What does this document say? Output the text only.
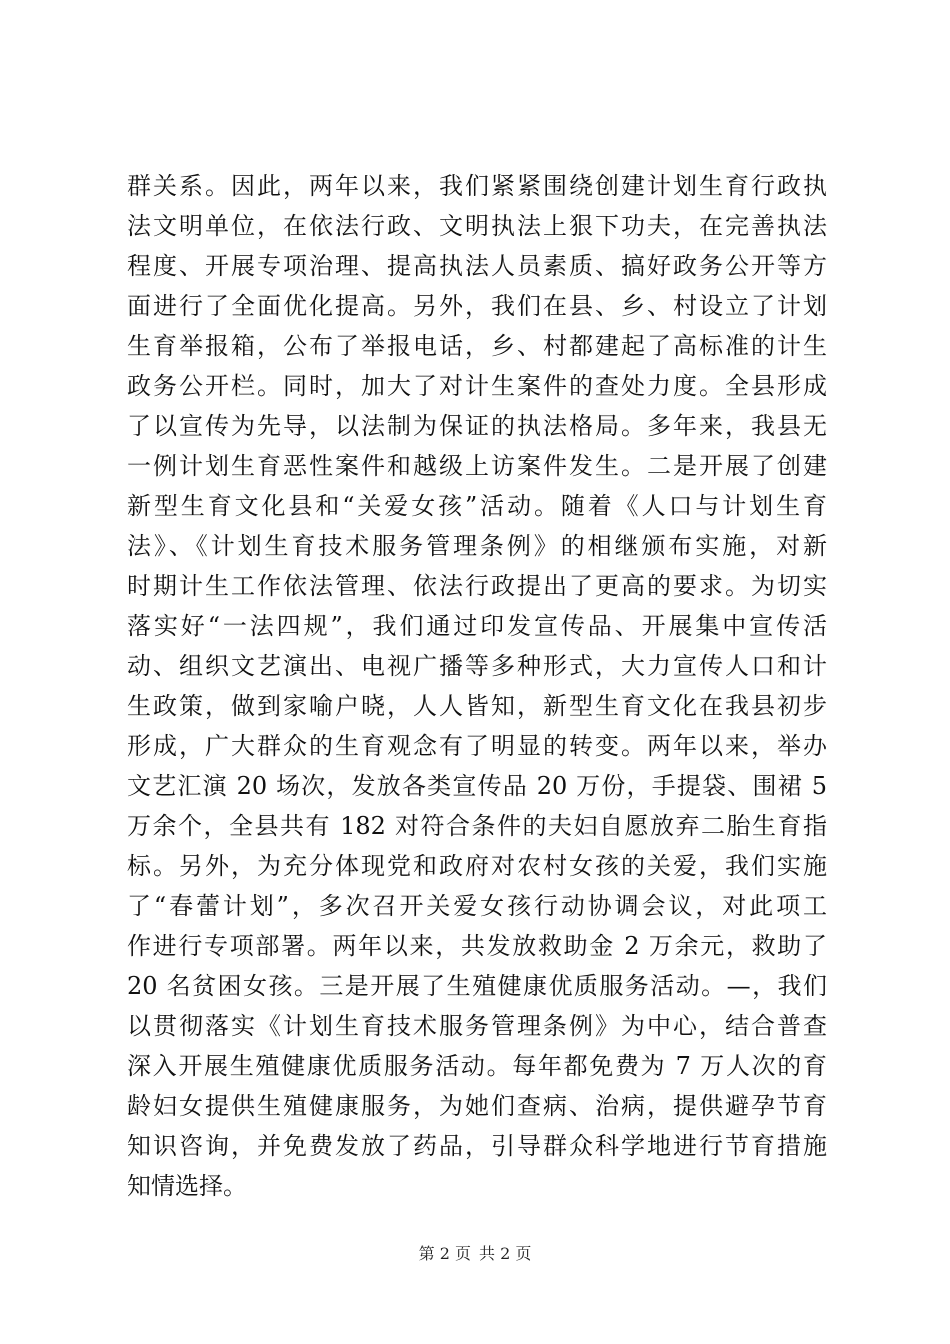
群关系。因此，两年以来，我们紧紧围绕创建计划生育行政执
法文明单位，在依法行政、文明执法上狠下功夫，在完善执法
程度、开展专项治理、提高执法人员素质、搞好政务公开等方
面进行了全面优化提高。另外，我们在县、乡、村设立了计划
生育举报箱，公布了举报电话，乡、村都建起了高标准的计生
政务公开栏。同时，加大了对计生案件的查处力度。全县形成
了以宣传为先导，以法制为保证的执法格局。多年来，我县无
一例计划生育恶性案件和越级上访案件发生。二是开展了创建
新型生育文化县和“关爱女孩”活动。随着《人口与计划生育
法》、《计划生育技术服务管理条例》的相继颁布实施，对新
时期计生工作依法管理、依法行政提出了更高的要求。为切实
落实好“一法四规”，我们通过印发宣传品、开展集中宣传活
动、组织文艺演出、电视广播等多种形式，大力宣传人口和计
生政策，做到家喻户晓，人人皆知，新型生育文化在我县初步
形成，广大群众的生育观念有了明显的转变。两年以来，举办
文艺汇演 20 场次，发放各类宣传品 20 万份，手提袋、围裙 5
万余个，全县共有 182 对符合条件的夫妇自愿放弃二胎生育指
标。另外，为充分体现党和政府对农村女孩的关爱，我们实施
了“春蕾计划”，多次召开关爱女孩行动协调会议，对此项工
作进行专项部署。两年以来，共发放救助金 2 万余元，救助了
20 名贫困女孩。三是开展了生殖健康优质服务活动。—，我们
以贯彻落实《计划生育技术服务管理条例》为中心，结合普查
深入开展生殖健康优质服务活动。每年都免费为 7 万人次的育
龄妇女提供生殖健康服务，为她们查病、治病，提供避孕节育
知识咨询，并免费发放了药品，引导群众科学地进行节育措施
知情选择。
第 2 页 共 2 页
